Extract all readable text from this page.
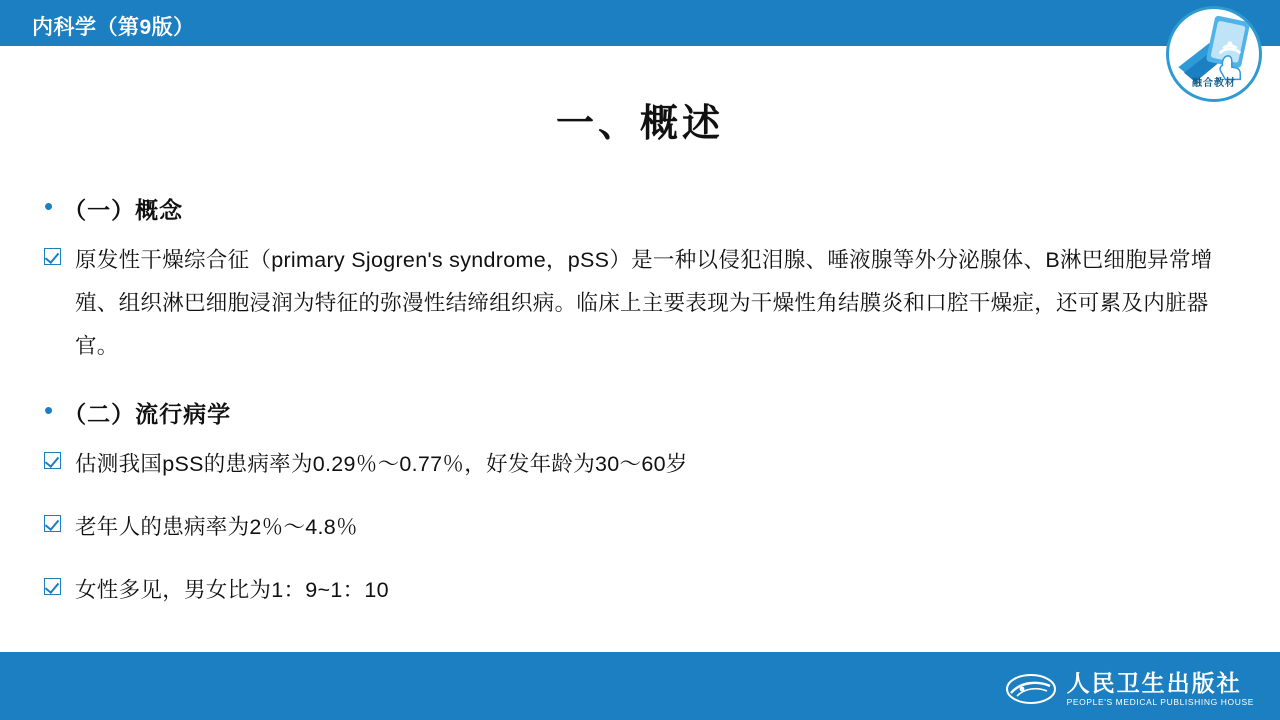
内科学（第9版）
融合教材
一、概述
• （一）概念
原发性干燥综合征（primary Sjogren's syndrome，pSS）是一种以侵犯泪腺、唾液腺等外分泌腺体、B淋巴细胞异常增殖、组织淋巴细胞浸润为特征的弥漫性结缔组织病。临床上主要表现为干燥性角结膜炎和口腔干燥症，还可累及内脏器官。
• （二）流行病学
估测我国pSS的患病率为0.29％～0.77％，好发年龄为30～60岁
老年人的患病率为2％～4.8％
女性多见，男女比为1：9~1：10
人民卫生出版社
PEOPLE'S MEDICAL PUBLISHING HOUSE
